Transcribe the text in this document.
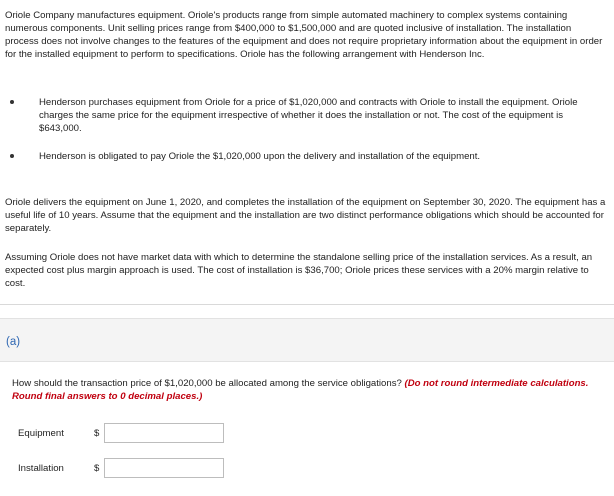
Oriole Company manufactures equipment. Oriole's products range from simple automated machinery to complex systems containing numerous components. Unit selling prices range from $400,000 to $1,500,000 and are quoted inclusive of installation. The installation process does not involve changes to the features of the equipment and does not require proprietary information about the equipment in order for the installed equipment to perform to specifications. Oriole has the following arrangement with Henderson Inc.
Henderson purchases equipment from Oriole for a price of $1,020,000 and contracts with Oriole to install the equipment. Oriole charges the same price for the equipment irrespective of whether it does the installation or not. The cost of the equipment is $643,000.
Henderson is obligated to pay Oriole the $1,020,000 upon the delivery and installation of the equipment.
Oriole delivers the equipment on June 1, 2020, and completes the installation of the equipment on September 30, 2020. The equipment has a useful life of 10 years. Assume that the equipment and the installation are two distinct performance obligations which should be accounted for separately.
Assuming Oriole does not have market data with which to determine the standalone selling price of the installation services. As a result, an expected cost plus margin approach is used. The cost of installation is $36,700; Oriole prices these services with a 20% margin relative to cost.
(a)
How should the transaction price of $1,020,000 be allocated among the service obligations? (Do not round intermediate calculations. Round final answers to 0 decimal places.)
Equipment	$
Installation	$
